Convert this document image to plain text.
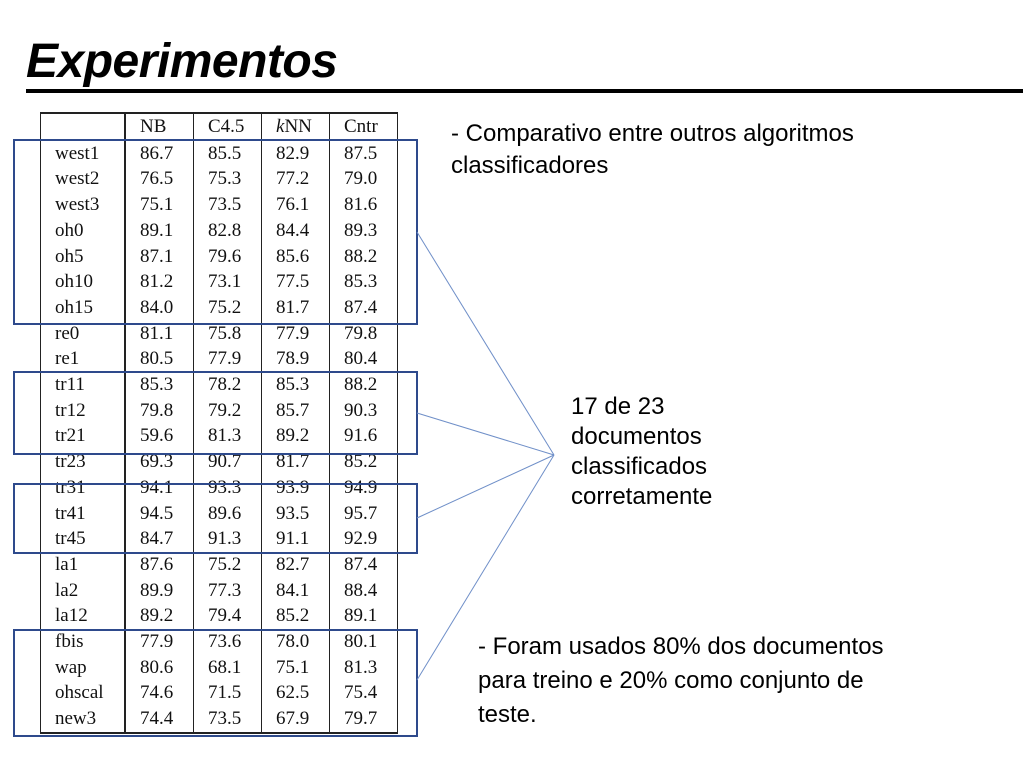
Experimentos
	NB	C4.5	kNN	Cntr
west1	86.7	85.5	82.9	87.5
west2	76.5	75.3	77.2	79.0
west3	75.1	73.5	76.1	81.6
oh0	89.1	82.8	84.4	89.3
oh5	87.1	79.6	85.6	88.2
oh10	81.2	73.1	77.5	85.3
oh15	84.0	75.2	81.7	87.4
re0	81.1	75.8	77.9	79.8
re1	80.5	77.9	78.9	80.4
tr11	85.3	78.2	85.3	88.2
tr12	79.8	79.2	85.7	90.3
tr21	59.6	81.3	89.2	91.6
tr23	69.3	90.7	81.7	85.2
tr31	94.1	93.3	93.9	94.9
tr41	94.5	89.6	93.5	95.7
tr45	84.7	91.3	91.1	92.9
la1	87.6	75.2	82.7	87.4
la2	89.9	77.3	84.1	88.4
la12	89.2	79.4	85.2	89.1
fbis	77.9	73.6	78.0	80.1
wap	80.6	68.1	75.1	81.3
ohscal	74.6	71.5	62.5	75.4
new3	74.4	73.5	67.9	79.7
- Comparativo entre outros algoritmos classificadores
17 de 23
documentos
classificados
corretamente
- Foram usados 80% dos documentos para treino e 20% como conjunto de teste.
